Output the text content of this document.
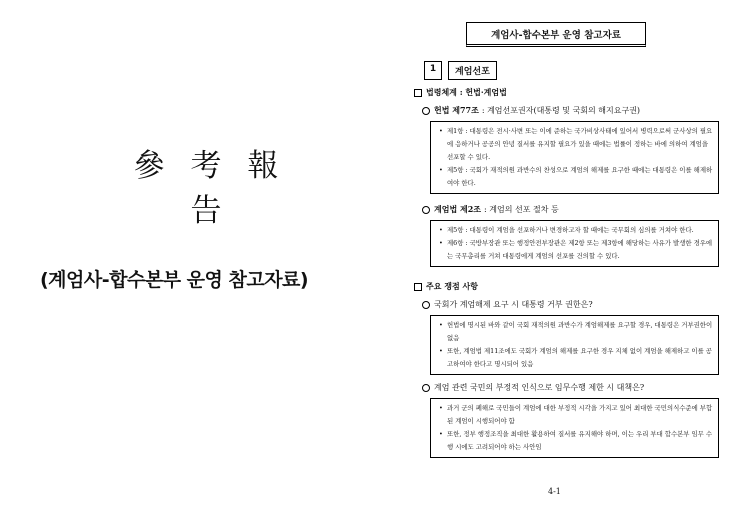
參 考 報 告
(계엄사-합수본부 운영 참고자료)
계엄사-합수본부 운영 참고자료
1	계엄선포
법령체계 : 헌법·계엄법
헌법 제77조 : 계엄선포권자(대통령 및 국회의 해지요구권)
• 제1항 : 대통령은 전시·사변 또는 이에 준하는 국가비상사태에 있어서 병력으로써 군사상의 필요에 응하거나 공공의 안녕 질서를 유지할 필요가 있을 때에는 법률이 정하는 바에 의하여 계엄을 선포할 수 있다.
• 제5항 : 국회가 재적의원 과반수의 찬성으로 계엄의 해제를 요구한 때에는 대통령은 이를 해제하여야 한다.
계엄법 제2조 : 계엄의 선포 절차 등
• 제5항 : 대통령이 계엄을 선포하거나 변경하고자 할 때에는 국무회의 심의를 거쳐야 한다.
• 제6항 : 국방부장관 또는 행정안전부장관은 제2항 또는 제3항에 해당하는 사유가 발생한 경우에는 국무총리를 거쳐 대통령에게 계엄의 선포를 건의할 수 있다.
주요 쟁점 사항
국회가 계엄해제 요구 시 대통령 거부 권한은?
• 헌법에 명시된 바와 같이 국회 재적의원 과반수가 계엄해제를 요구할 경우, 대통령은 거부권한이 없음
• 또한, 계엄법 제11조에도 국회가 계엄의 해제를 요구한 경우 지체 없이 계엄을 해제하고 이를 공고하여야 한다고 명시되어 있음
계엄 관련 국민의 부정적 인식으로 임무수행 제한 시 대책은?
• 과거 군의 폐해로 국민들이 계엄에 대한 부정적 시각을 가지고 있어 최대한 국민의식수준에 부합된 계엄이 시행되어야 함
• 또한, 정부 행정조직을 최대한 활용하여 질서를 유지해야 하며, 이는 우리 부대 합수본부 임무 수행 시에도 고려되어야 하는 사안임
4-1
